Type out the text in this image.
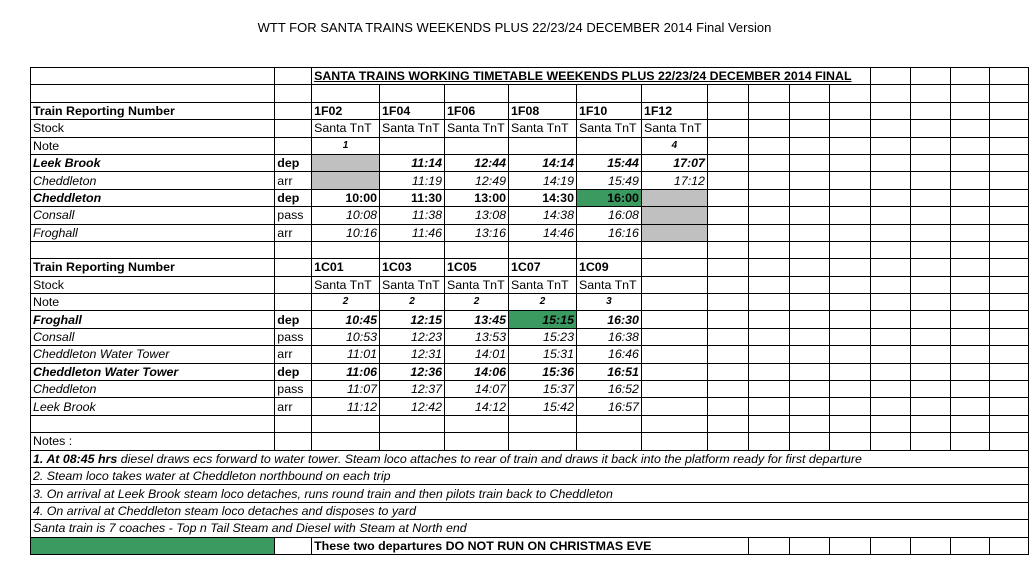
WTT FOR SANTA TRAINS WEEKENDS PLUS 22/23/24 DECEMBER 2014 Final Version
		SANTA TRAINS WORKING TIMETABLE WEEKENDS PLUS 22/23/24 DECEMBER 2014 FINAL													

Train Reporting Number		1F02	1F04	1F06	1F08	1F10	1F12								
Stock		Santa TnT	Santa TnT	Santa TnT	Santa TnT	Santa TnT	Santa TnT								
Note		1					4								
Leek Brook	dep		11:14	12:44	14:14	15:44	17:07								
Cheddleton	arr		11:19	12:49	14:19	15:49	17:12								
Cheddleton	dep	10:00	11:30	13:00	14:30	16:00									
Consall	pass	10:08	11:38	13:08	14:38	16:08									
Froghall	arr	10:16	11:46	13:16	14:46	16:16									

Train Reporting Number		1C01	1C03	1C05	1C07	1C09									
Stock		Santa TnT	Santa TnT	Santa TnT	Santa TnT	Santa TnT									
Note		2	2	2	2	3									
Froghall	dep	10:45	12:15	13:45	15:15	16:30									
Consall	pass	10:53	12:23	13:53	15:23	16:38									
Cheddleton Water Tower	arr	11:01	12:31	14:01	15:31	16:46									
Cheddleton Water Tower	dep	11:06	12:36	14:06	15:36	16:51									
Cheddleton	pass	11:07	12:37	14:07	15:37	16:52									
Leek Brook	arr	11:12	12:42	14:12	15:42	16:57									

Notes :															
1. At 08:45 hrs diesel draws ecs forward to water tower. Steam loco attaches to rear of train and draws it back into the platform ready for first departure															
2. Steam loco takes water at Cheddleton northbound on each trip															
3. On arrival at Leek Brook steam loco detaches, runs round train and then pilots train back to Cheddleton															
4. On arrival at Cheddleton steam loco detaches and disposes to yard															
Santa train is 7 coaches - Top n Tail Steam and Diesel with Steam at North end															
		These two departures DO NOT RUN ON CHRISTMAS EVE													
